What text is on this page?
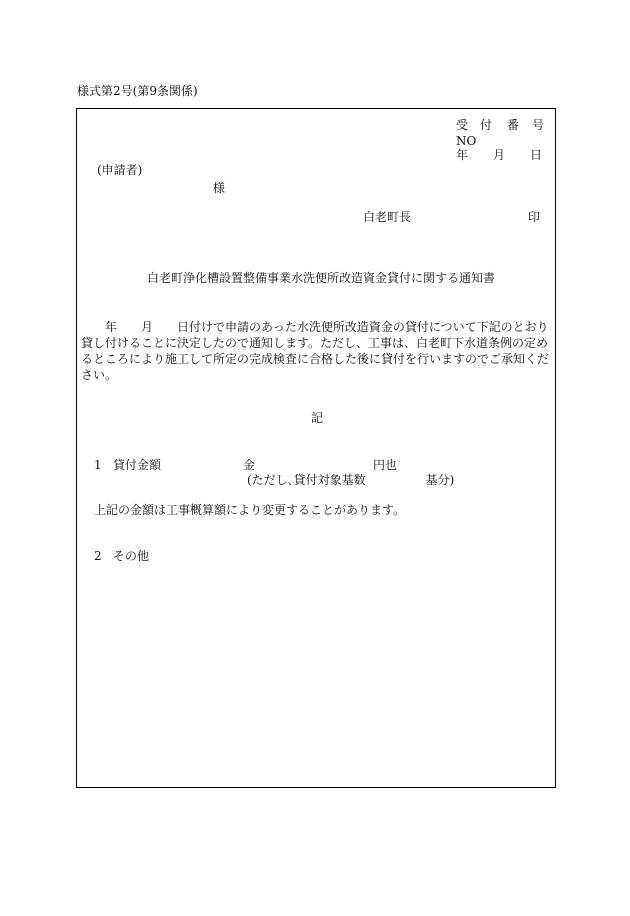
様式第2号(第9条関係)
受 付 番 号
NO
年 月 日
(申請者)
様
白老町長	印
白老町浄化槽設置整備事業水洗便所改造資金貸付に関する通知書
　　年　　月　　日付けで申請のあった水洗便所改造資金の貸付について下記のとおり貸し付けることに決定したので通知します。ただし、工事は、白老町下水道条例の定めるところにより施工して所定の完成検査に合格した後に貸付を行いますのでご承知ください。
記
1 貸付金額	金	円也
(ただし､貸付対象基数　　　　　基分)
上記の金額は工事概算額により変更することがあります。
2 その他
